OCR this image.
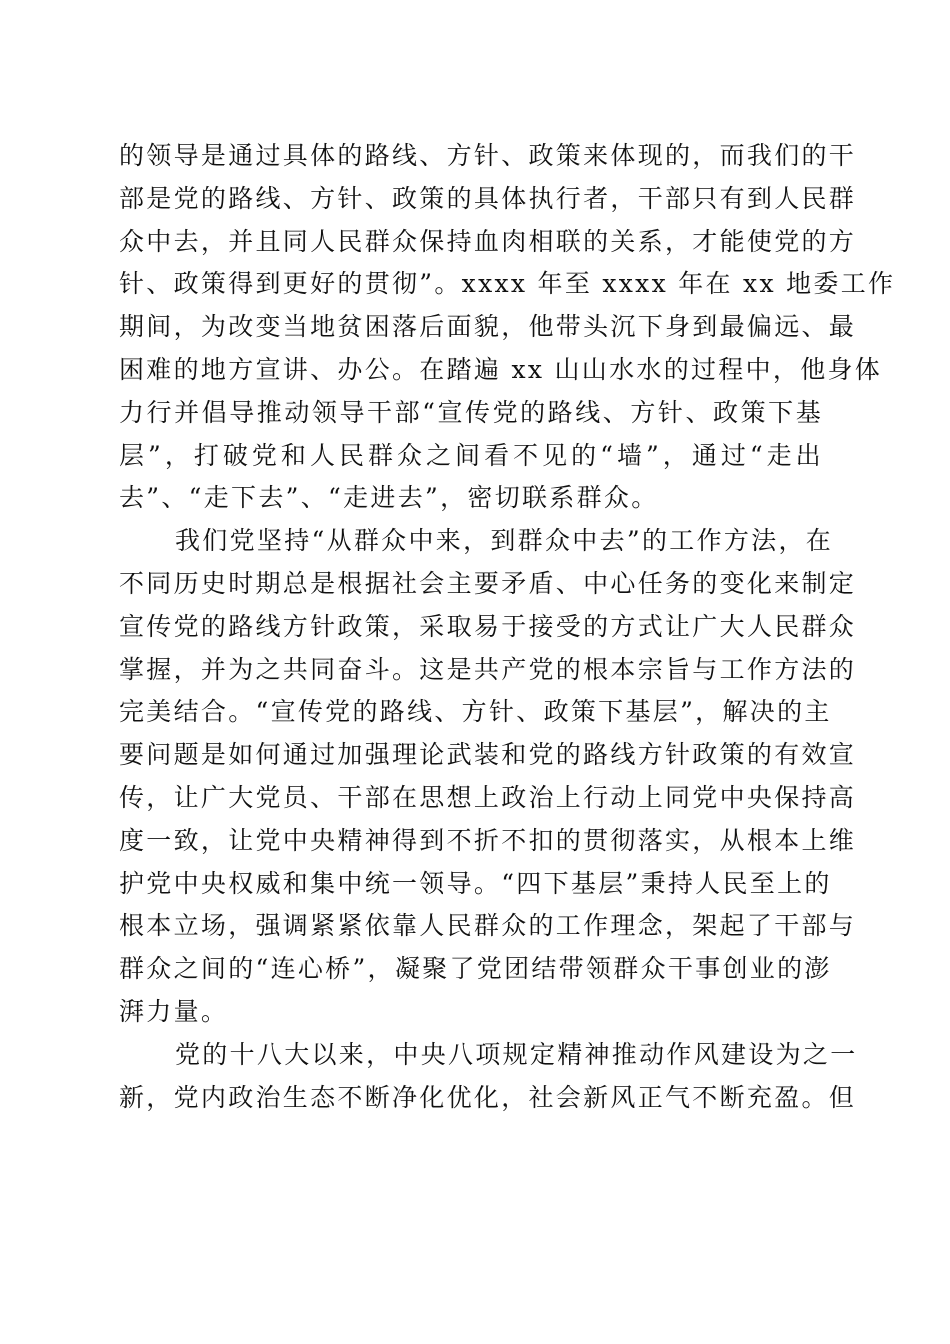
的领导是通过具体的路线、方针、政策来体现的，而我们的干
部是党的路线、方针、政策的具体执行者，干部只有到人民群
众中去，并且同人民群众保持血肉相联的关系，才能使党的方
针、政策得到更好的贯彻”。xxxx 年至 xxxx 年在 xx 地委工作
期间，为改变当地贫困落后面貌，他带头沉下身到最偏远、最
困难的地方宣讲、办公。在踏遍 xx 山山水水的过程中，他身体
力行并倡导推动领导干部“宣传党的路线、方针、政策下基
层”，打破党和人民群众之间看不见的“墙”，通过“走出
去”、“走下去”、“走进去”，密切联系群众。
我们党坚持“从群众中来，到群众中去”的工作方法，在
不同历史时期总是根据社会主要矛盾、中心任务的变化来制定
宣传党的路线方针政策，采取易于接受的方式让广大人民群众
掌握，并为之共同奋斗。这是共产党的根本宗旨与工作方法的
完美结合。“宣传党的路线、方针、政策下基层”，解决的主
要问题是如何通过加强理论武装和党的路线方针政策的有效宣
传，让广大党员、干部在思想上政治上行动上同党中央保持高
度一致，让党中央精神得到不折不扣的贯彻落实，从根本上维
护党中央权威和集中统一领导。“四下基层”秉持人民至上的
根本立场，强调紧紧依靠人民群众的工作理念，架起了干部与
群众之间的“连心桥”，凝聚了党团结带领群众干事创业的澎
湃力量。
党的十八大以来，中央八项规定精神推动作风建设为之一
新，党内政治生态不断净化优化，社会新风正气不断充盈。但
